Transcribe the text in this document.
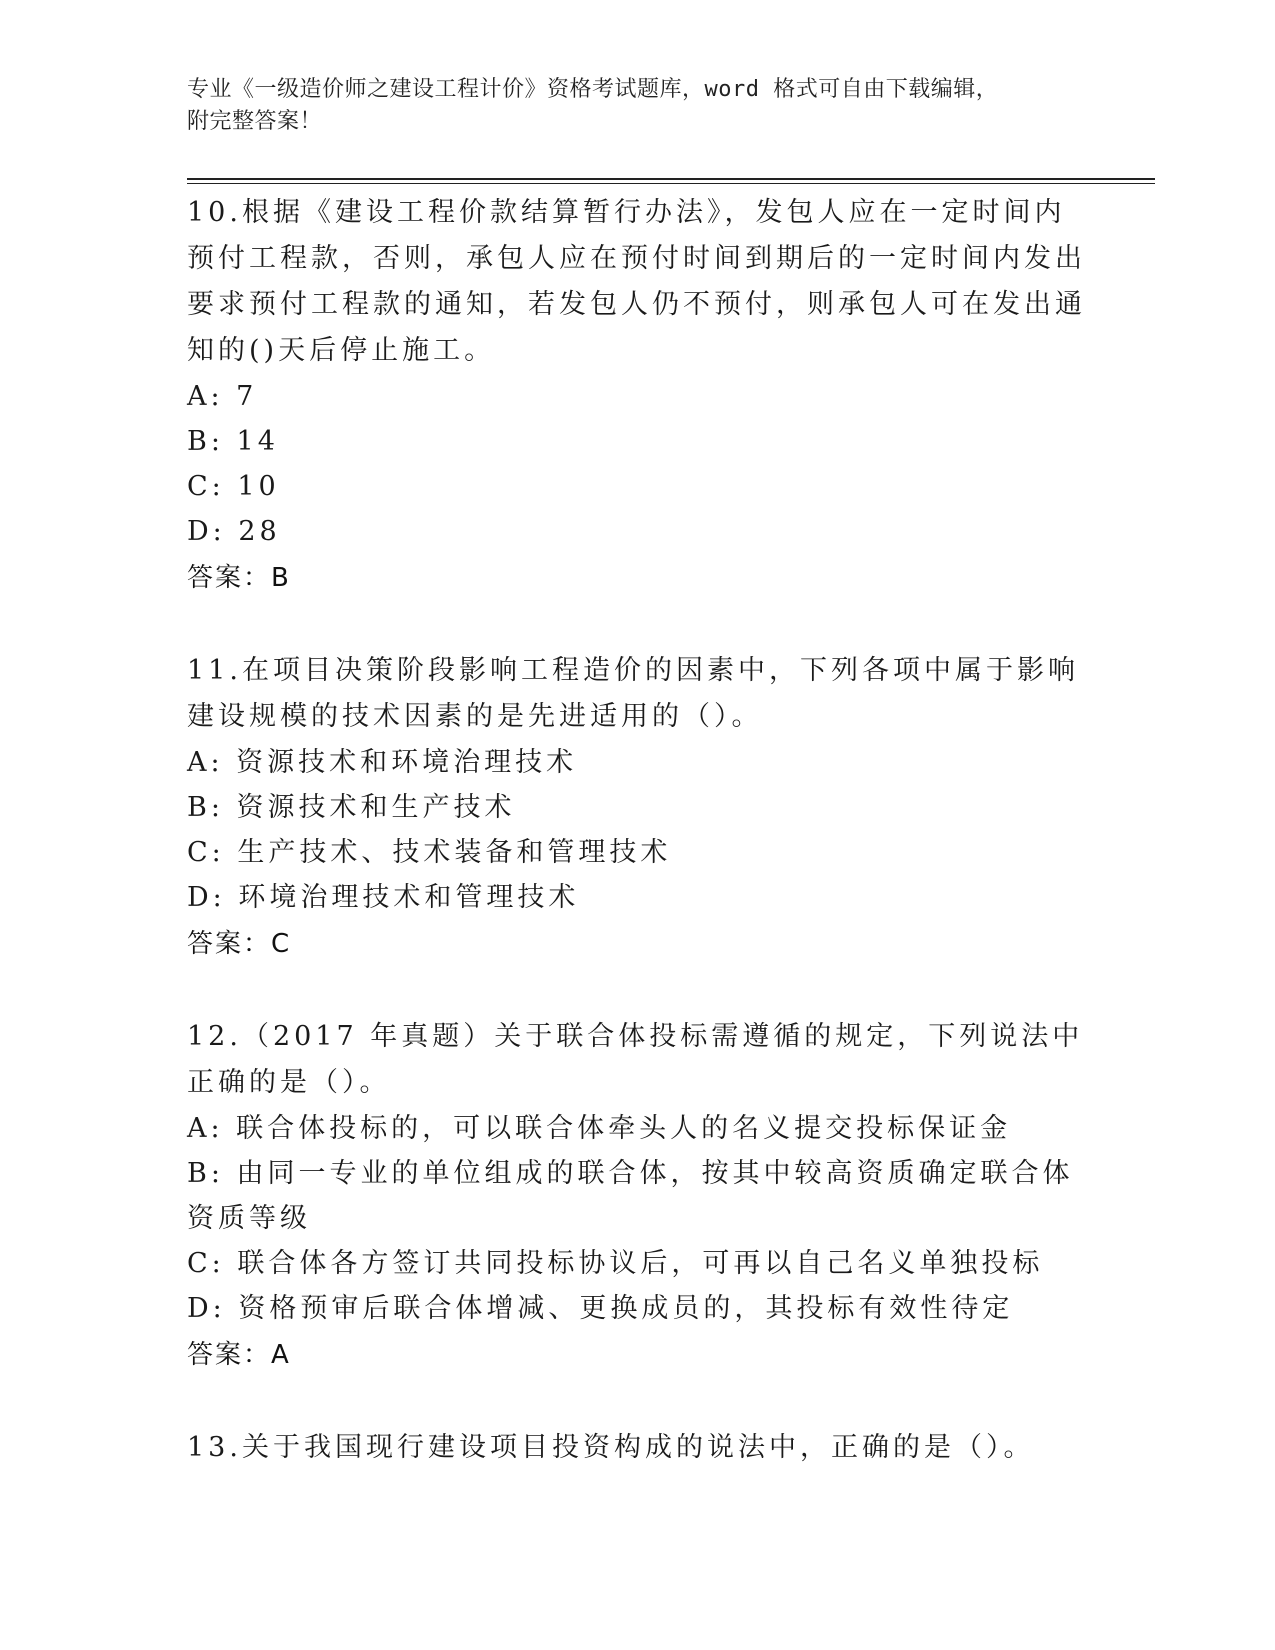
专业《一级造价师之建设工程计价》资格考试题库，word 格式可自由下载编辑，
附完整答案！
10.根据《建设工程价款结算暂行办法》，发包人应在一定时间内预付工程款，否则，承包人应在预付时间到期后的一定时间内发出要求预付工程款的通知，若发包人仍不预付，则承包人可在发出通知的()天后停止施工。
A: 7
B: 14
C: 10
D: 28
答案：B
11.在项目决策阶段影响工程造价的因素中，下列各项中属于影响建设规模的技术因素的是先进适用的（）。
A: 资源技术和环境治理技术
B: 资源技术和生产技术
C: 生产技术、技术装备和管理技术
D: 环境治理技术和管理技术
答案：C
12.（2017 年真题）关于联合体投标需遵循的规定，下列说法中正确的是（）。
A: 联合体投标的，可以联合体牵头人的名义提交投标保证金
B: 由同一专业的单位组成的联合体，按其中较高资质确定联合体资质等级
C: 联合体各方签订共同投标协议后，可再以自己名义单独投标
D: 资格预审后联合体增减、更换成员的，其投标有效性待定
答案：A
13.关于我国现行建设项目投资构成的说法中，正确的是（）。
